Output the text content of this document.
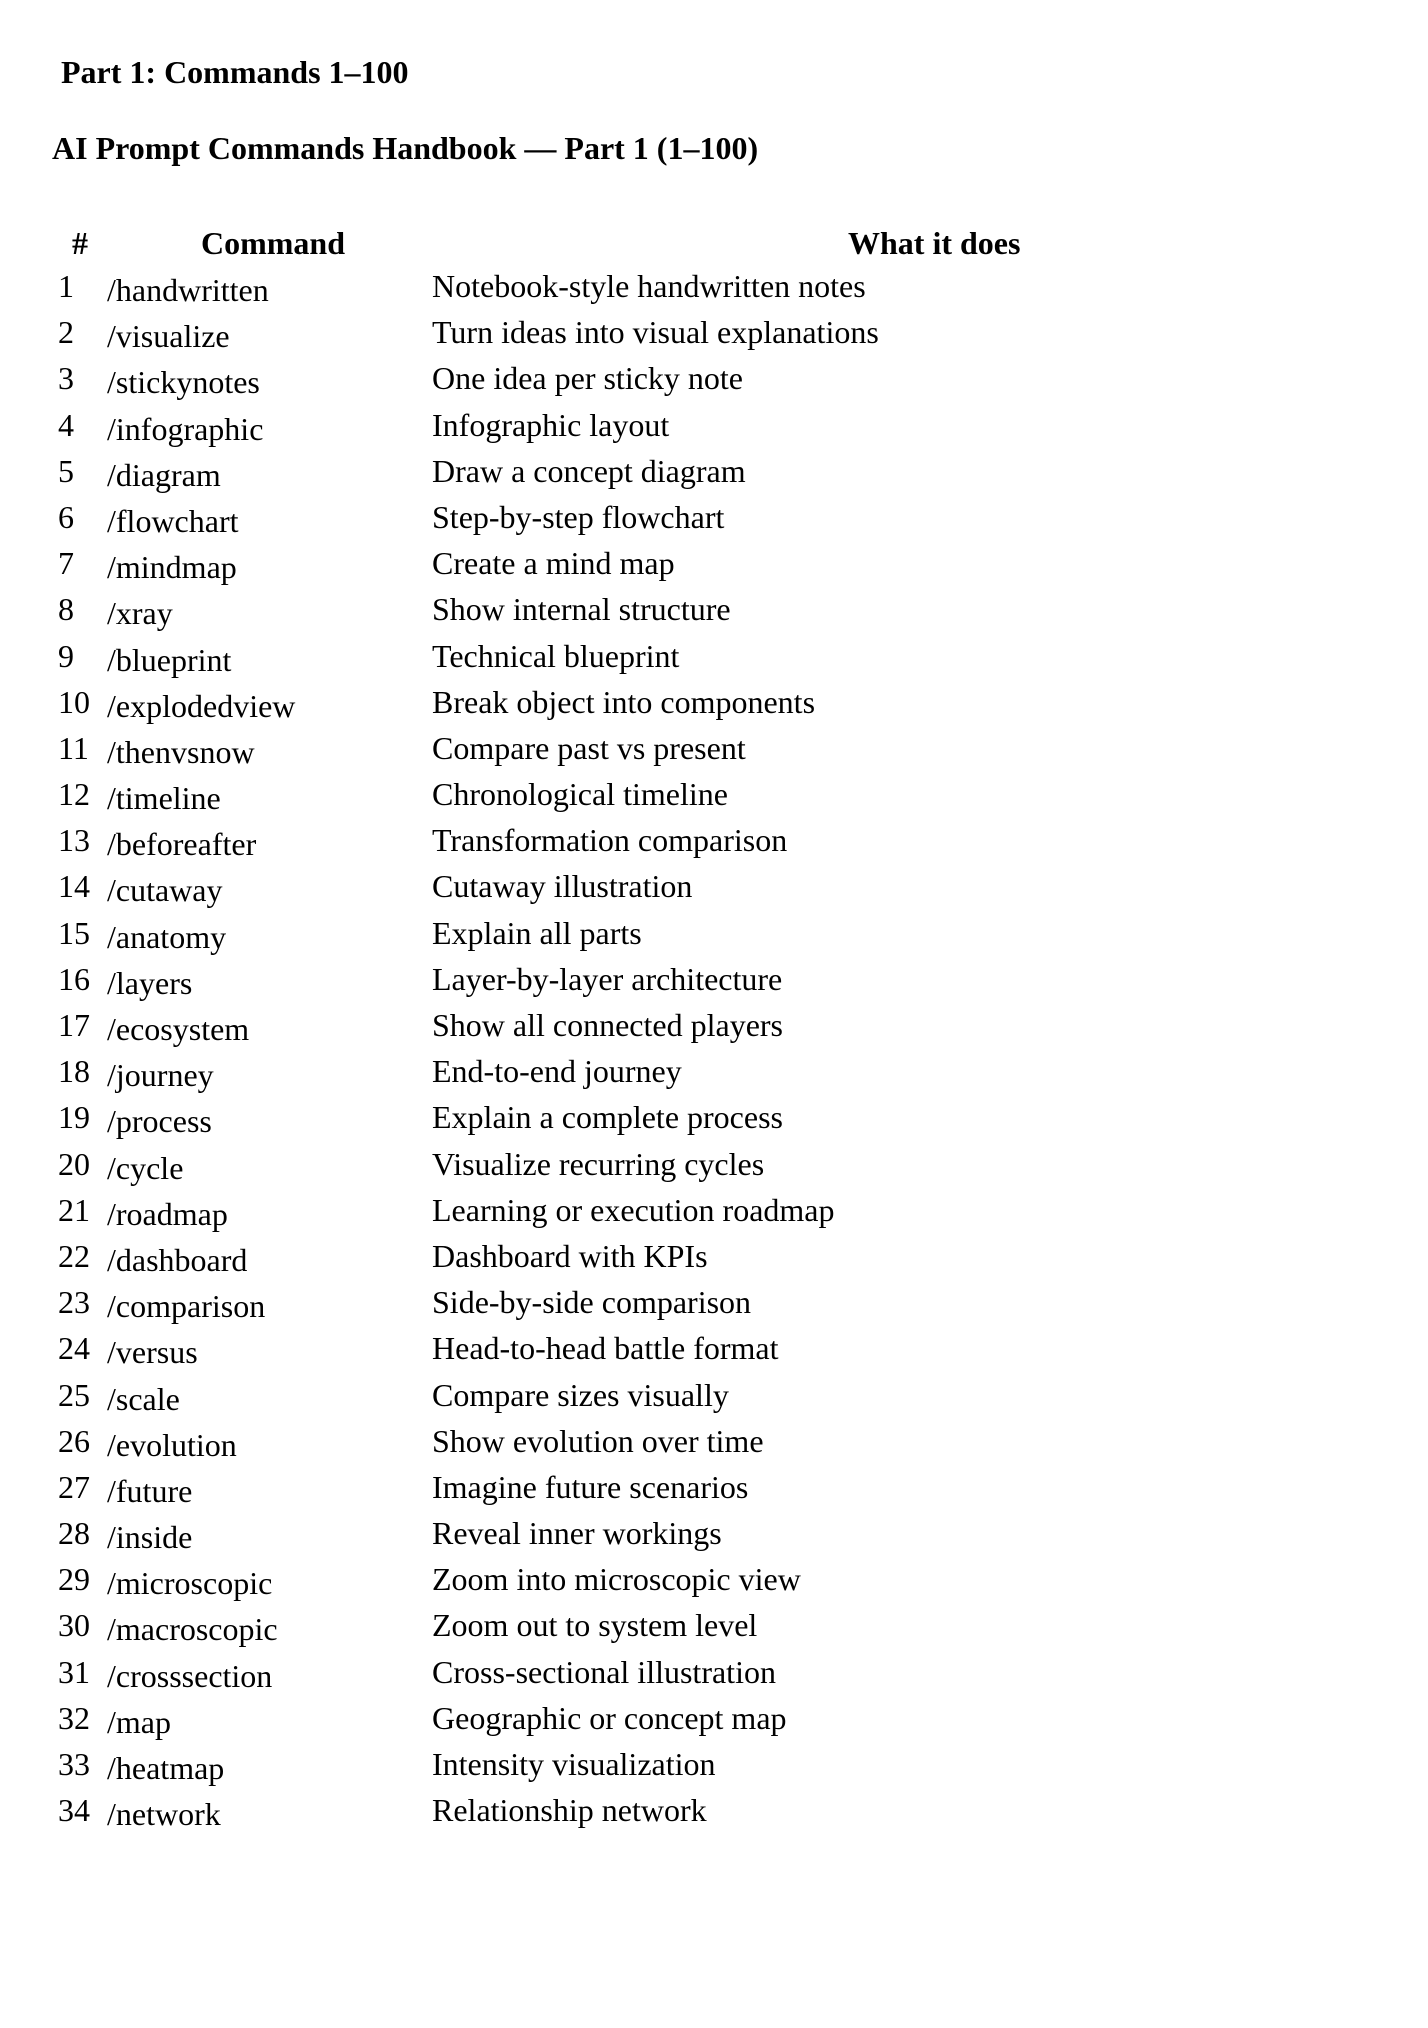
Part 1: Commands 1–100
AI Prompt Commands Handbook — Part 1 (1–100)
#	Command	What it does
1 /handwritten	Notebook-style handwritten notes
2 /visualize	Turn ideas into visual explanations
3 /stickynotes	One idea per sticky note
4 /infographic	Infographic layout
5 /diagram	Draw a concept diagram
6 /flowchart	Step-by-step flowchart
7 /mindmap	Create a mind map
8 /xray	Show internal structure
9 /blueprint	Technical blueprint
10 /explodedview	Break object into components
11 /thenvsnow	Compare past vs present
12 /timeline	Chronological timeline
13 /beforeafter	Transformation comparison
14 /cutaway	Cutaway illustration
15 /anatomy	Explain all parts
16 /layers	Layer-by-layer architecture
17 /ecosystem	Show all connected players
18 /journey	End-to-end journey
19 /process	Explain a complete process
20 /cycle	Visualize recurring cycles
21 /roadmap	Learning or execution roadmap
22 /dashboard	Dashboard with KPIs
23 /comparison	Side-by-side comparison
24 /versus	Head-to-head battle format
25 /scale	Compare sizes visually
26 /evolution	Show evolution over time
27 /future	Imagine future scenarios
28 /inside	Reveal inner workings
29 /microscopic	Zoom into microscopic view
30 /macroscopic	Zoom out to system level
31 /crosssection	Cross-sectional illustration
32 /map	Geographic or concept map
33 /heatmap	Intensity visualization
34 /network	Relationship network
